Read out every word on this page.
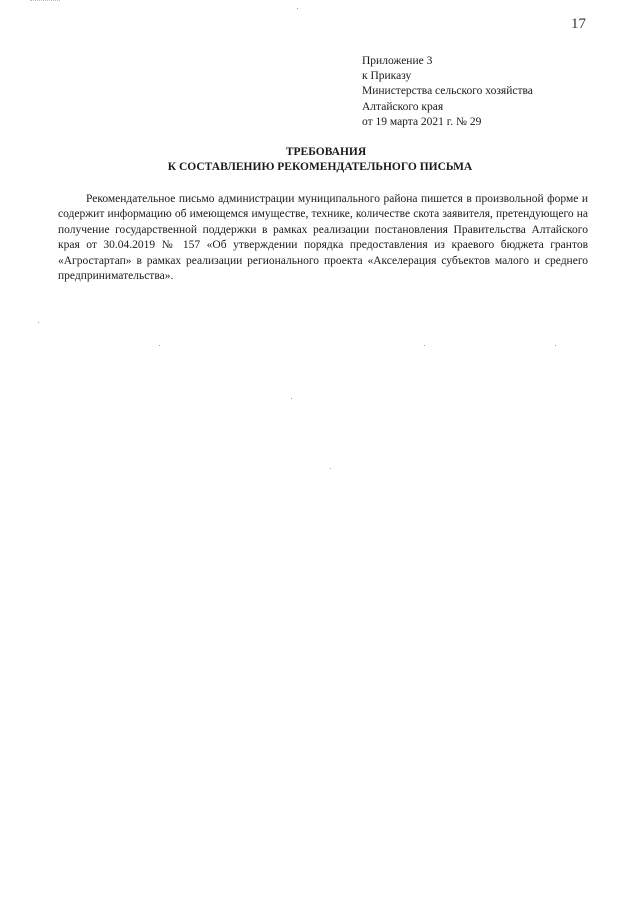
17
Приложение 3
к Приказу
Министерства сельского хозяйства
Алтайского края
от 19 марта 2021 г. № 29
ТРЕБОВАНИЯ
К СОСТАВЛЕНИЮ РЕКОМЕНДАТЕЛЬНОГО ПИСЬМА

Рекомендательное письмо администрации муниципального района пишется в произвольной форме и содержит информацию об имеющемся имуществе, технике, количестве скота заявителя, претендующего на получение государственной поддержки в рамках реализации постановления Правительства Алтайского края от 30.04.2019 № 157 «Об утверждении порядка предоставления из краевого бюджета грантов «Агростартап» в рамках реализации регионального проекта «Акселерация субъектов малого и среднего предпринимательства».
